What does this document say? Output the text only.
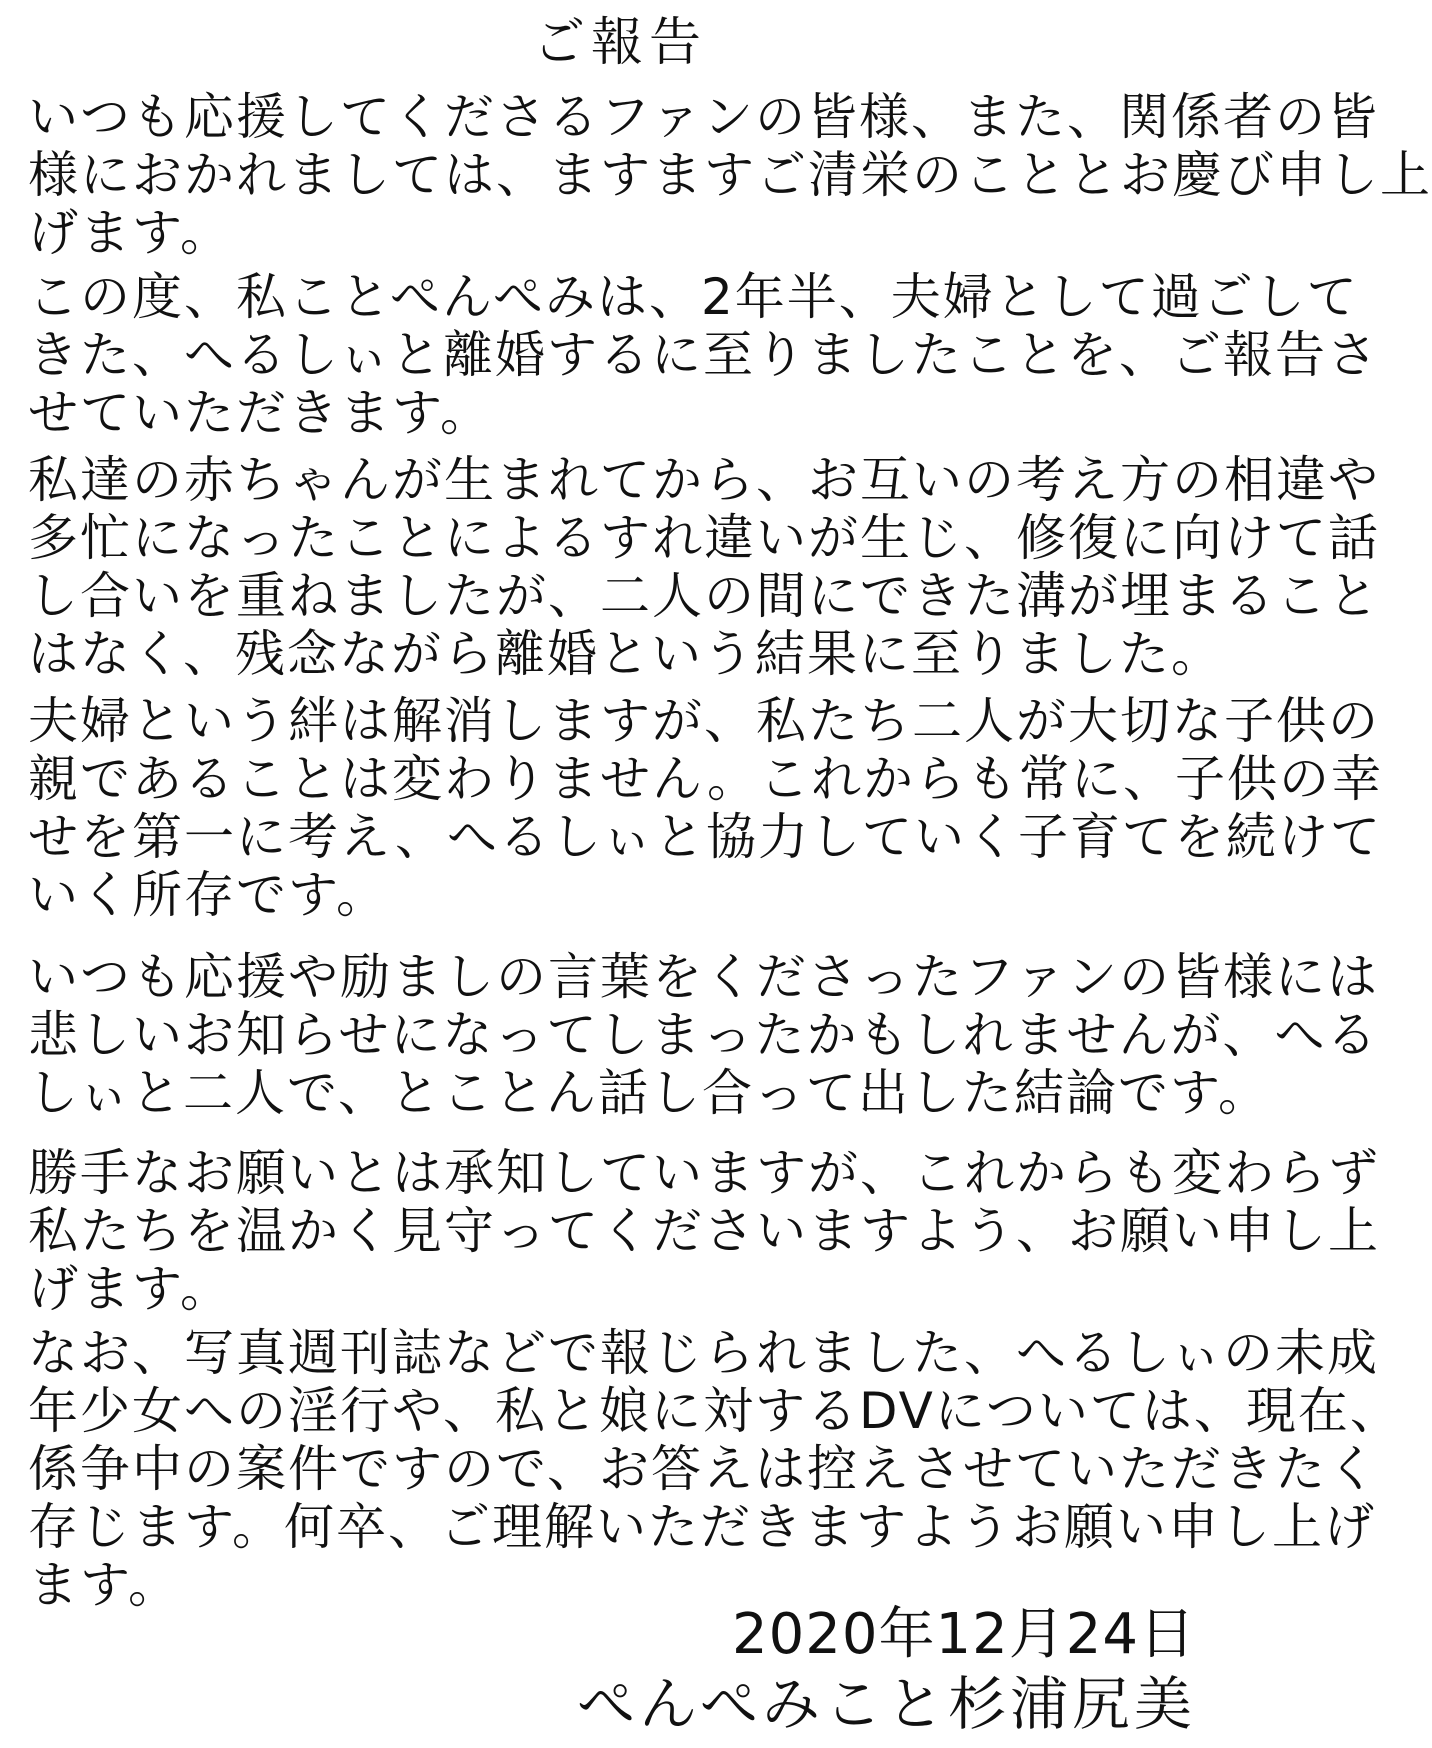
ご報告
いつも応援してくださるファンの皆様、また、関係者の皆
様におかれましては、ますますご清栄のこととお慶び申し上
げます。
この度、私ことぺんぺみは、2年半、夫婦として過ごして
きた、へるしぃと離婚するに至りましたことを、ご報告さ
せていただきます。
私達の赤ちゃんが生まれてから、お互いの考え方の相違や
多忙になったことによるすれ違いが生じ、修復に向けて話
し合いを重ねましたが、二人の間にできた溝が埋まること
はなく、残念ながら離婚という結果に至りました。
夫婦という絆は解消しますが、私たち二人が大切な子供の
親であることは変わりません。これからも常に、子供の幸
せを第一に考え、へるしぃと協力していく子育てを続けて
いく所存です。
いつも応援や励ましの言葉をくださったファンの皆様には
悲しいお知らせになってしまったかもしれませんが、へる
しぃと二人で、とことん話し合って出した結論です。
勝手なお願いとは承知していますが、これからも変わらず
私たちを温かく見守ってくださいますよう、お願い申し上
げます。
なお、写真週刊誌などで報じられました、へるしぃの未成
年少女への淫行や、私と娘に対するDVについては、現在、
係争中の案件ですので、お答えは控えさせていただきたく
存じます。何卒、ご理解いただきますようお願い申し上げ
ます。
2020年12月24日
ぺんぺみこと杉浦尻美
